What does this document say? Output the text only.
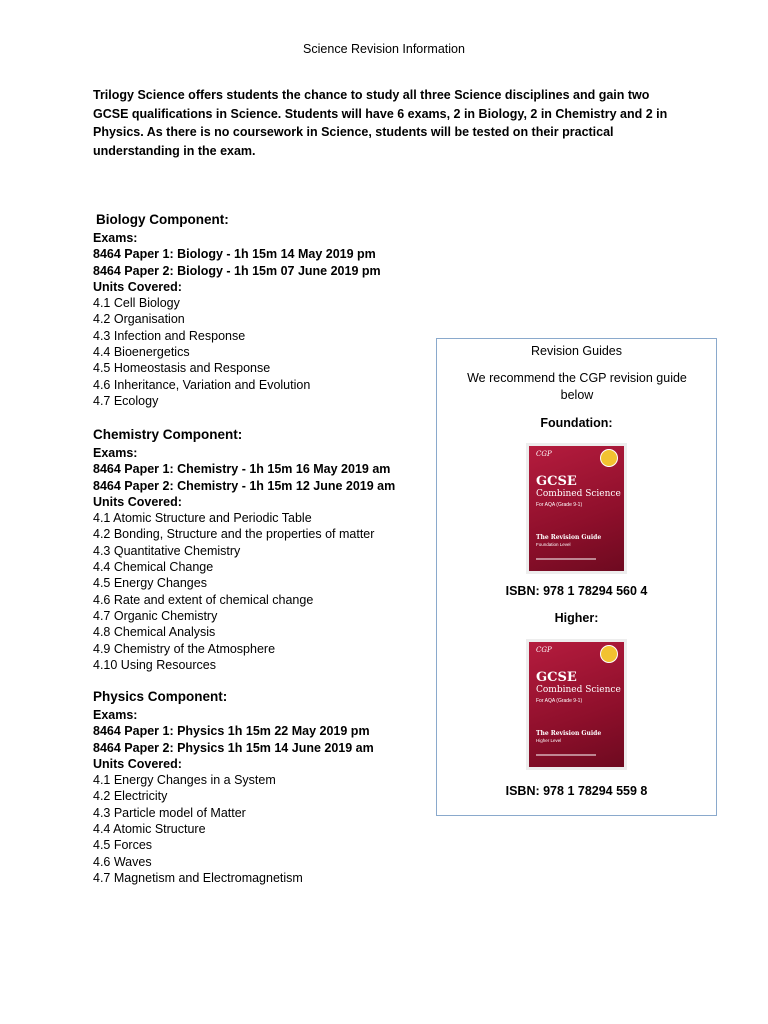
Science Revision Information
Trilogy Science offers students the chance to study all three Science disciplines and gain two GCSE qualifications in Science. Students will have 6 exams, 2 in Biology, 2 in Chemistry and 2 in Physics. As there is no coursework in Science, students will be tested on their practical understanding in the exam.
Biology Component:
Exams:
8464 Paper 1: Biology - 1h 15m 14 May 2019 pm
8464 Paper 2: Biology - 1h 15m 07 June 2019 pm
Units Covered:
4.1 Cell Biology
4.2 Organisation
4.3 Infection and Response
4.4 Bioenergetics
4.5 Homeostasis and Response
4.6 Inheritance, Variation and Evolution
4.7 Ecology
Chemistry Component:
Exams:
8464 Paper 1: Chemistry - 1h 15m 16 May 2019 am
8464 Paper 2: Chemistry - 1h 15m 12 June 2019 am
Units Covered:
4.1 Atomic Structure and Periodic Table
4.2 Bonding, Structure and the properties of matter
4.3 Quantitative Chemistry
4.4 Chemical Change
4.5 Energy Changes
4.6 Rate and extent of chemical change
4.7 Organic Chemistry
4.8 Chemical Analysis
4.9 Chemistry of the Atmosphere
4.10 Using Resources
Physics Component:
Exams:
8464 Paper 1: Physics 1h 15m 22 May 2019 pm
8464 Paper 2: Physics 1h 15m 14 June 2019 am
Units Covered:
4.1 Energy Changes in a System
4.2 Electricity
4.3 Particle model of Matter
4.4 Atomic Structure
4.5 Forces
4.6 Waves
4.7 Magnetism and Electromagnetism
Revision Guides
We recommend the CGP revision guide below
Foundation:
CGP
GCSE
Combined Science
For AQA (Grade 9-1)
The Revision Guide
Foundation Level
ISBN: 978 1 78294 560 4
Higher:
CGP
GCSE
Combined Science
For AQA (Grade 9-1)
The Revision Guide
Higher Level
ISBN: 978 1 78294 559 8
